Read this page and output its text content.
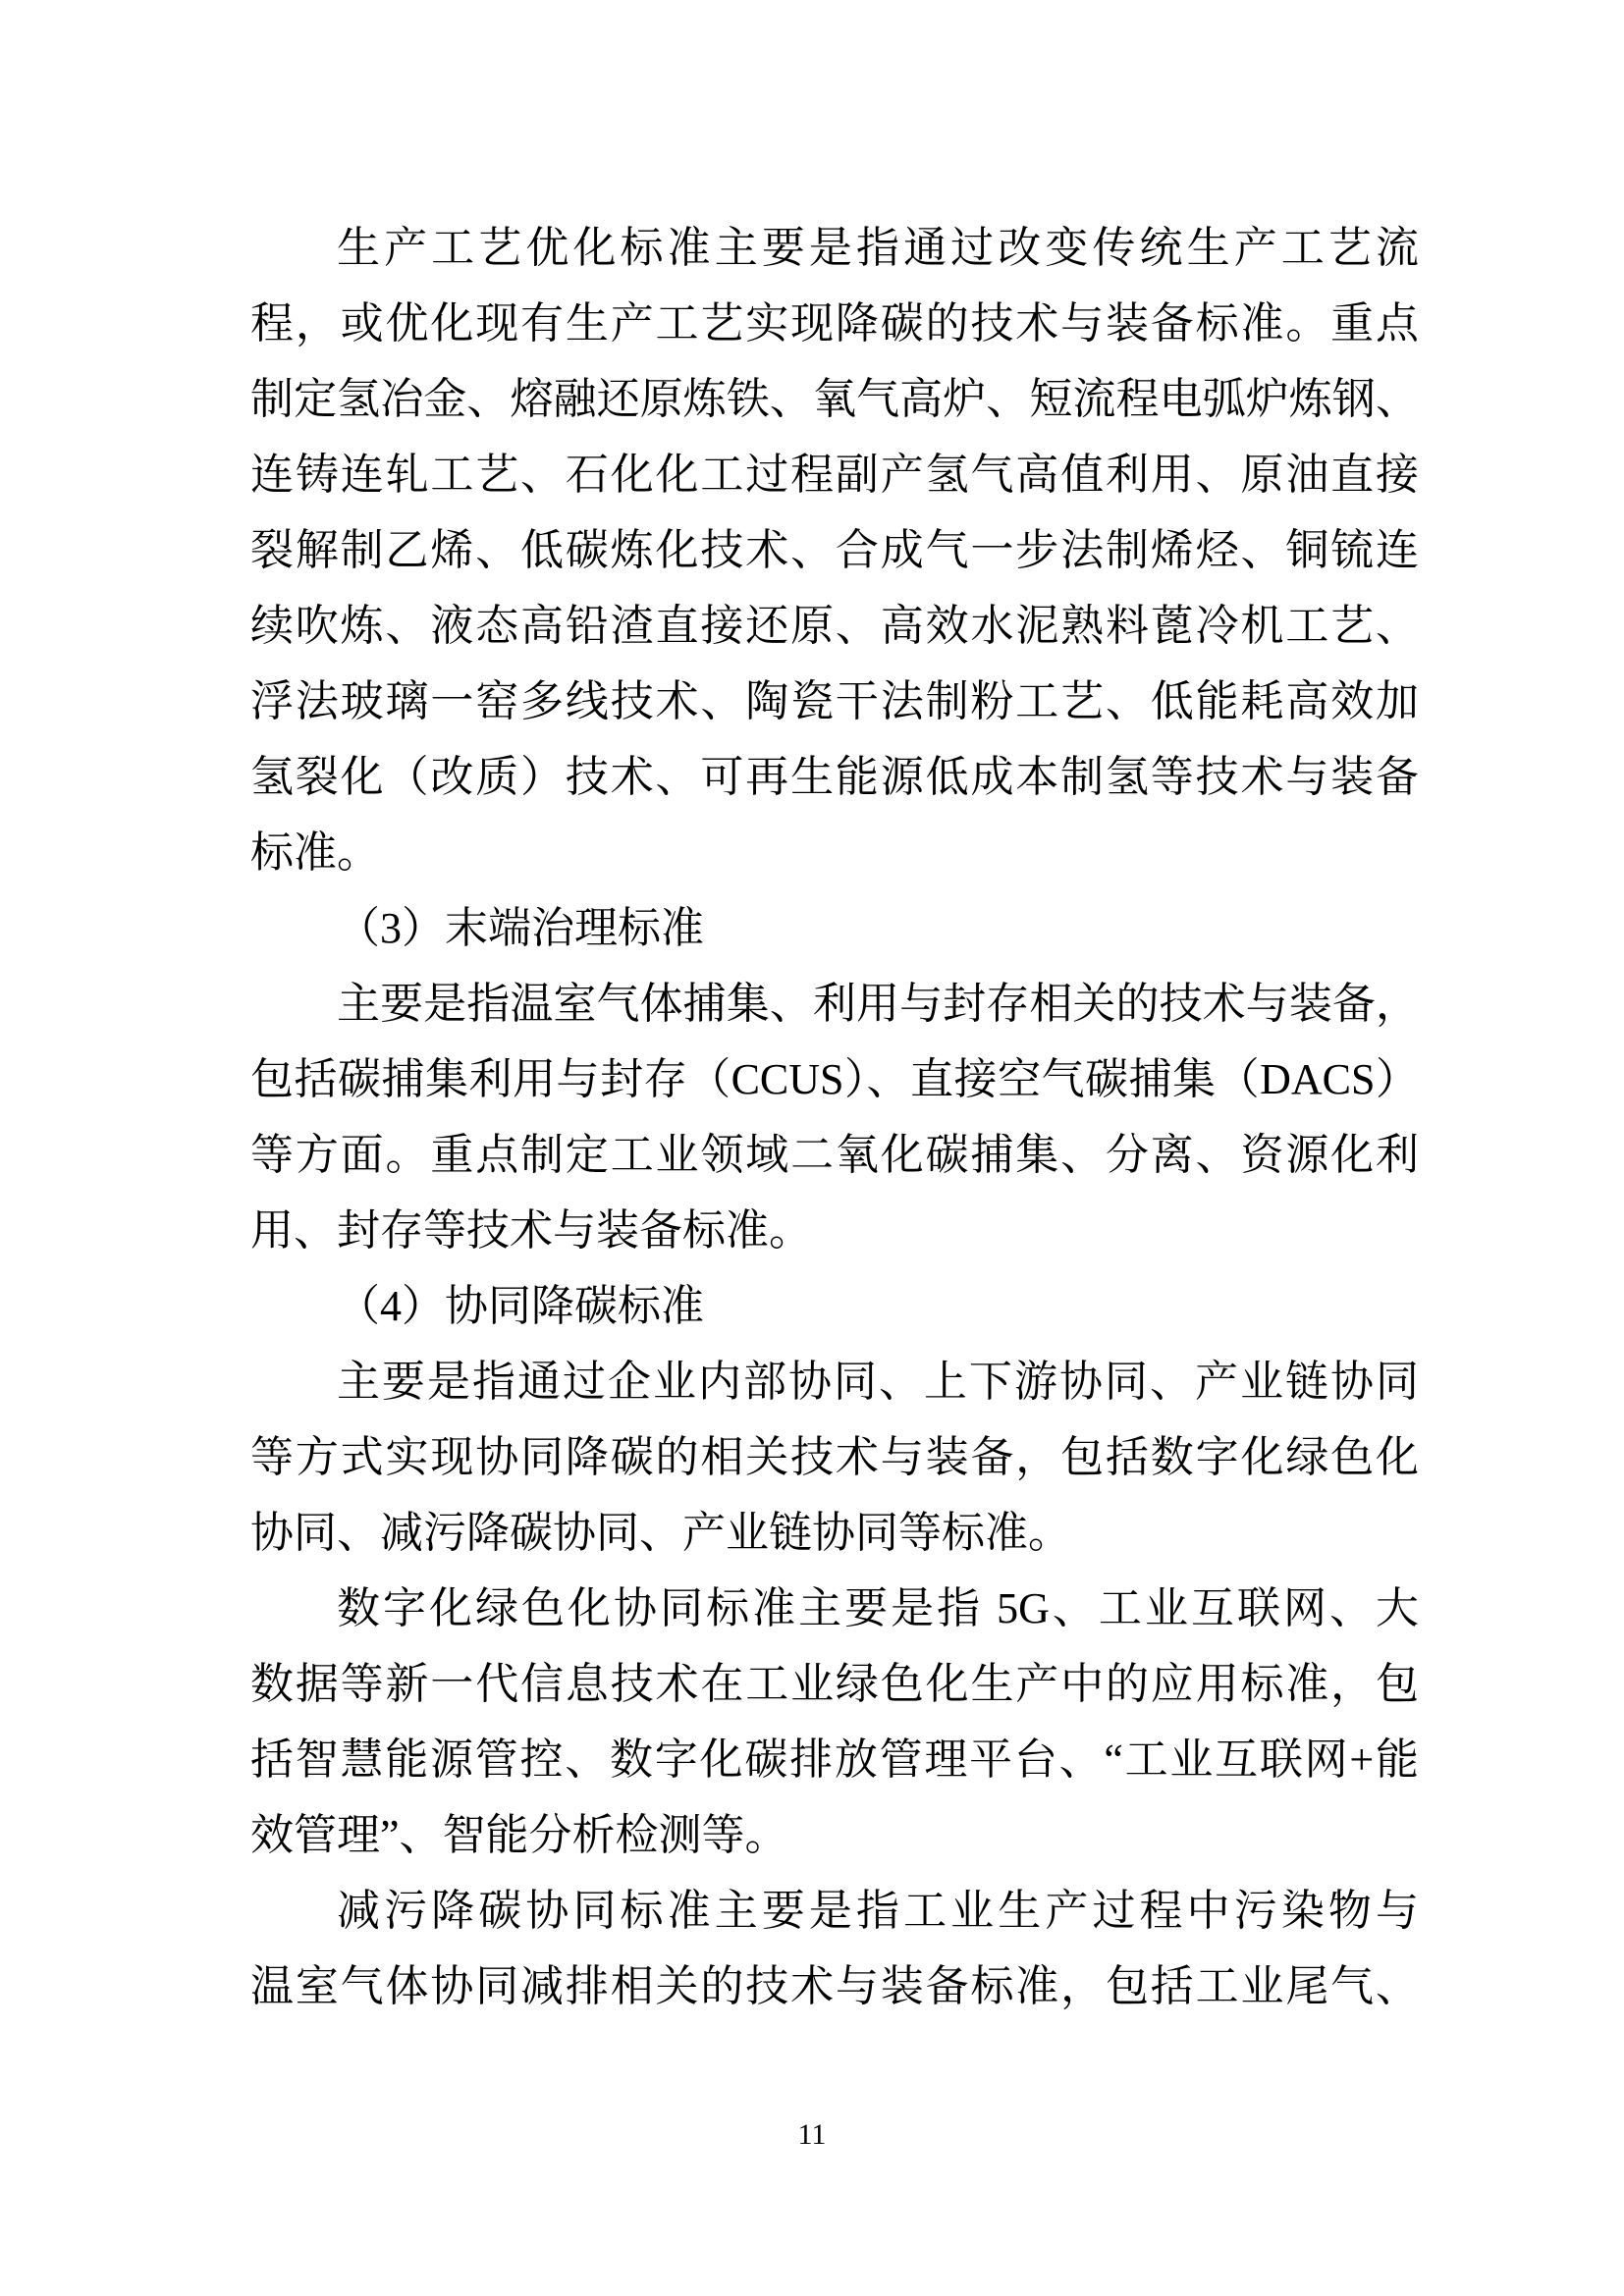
生产工艺优化标准主要是指通过改变传统生产工艺流
程，或优化现有生产工艺实现降碳的技术与装备标准。重点
制定氢冶金、熔融还原炼铁、氧气高炉、短流程电弧炉炼钢、
连铸连轧工艺、石化化工过程副产氢气高值利用、原油直接
裂解制乙烯、低碳炼化技术、合成气一步法制烯烃、铜锍连
续吹炼、液态高铅渣直接还原、高效水泥熟料蓖冷机工艺、
浮法玻璃一窑多线技术、陶瓷干法制粉工艺、低能耗高效加
氢裂化（改质）技术、可再生能源低成本制氢等技术与装备
标准。
（3）末端治理标准
主要是指温室气体捕集、利用与封存相关的技术与装备，
包括碳捕集利用与封存（CCUS）、直接空气碳捕集（DACS）
等方面。重点制定工业领域二氧化碳捕集、分离、资源化利
用、封存等技术与装备标准。
（4）协同降碳标准
主要是指通过企业内部协同、上下游协同、产业链协同
等方式实现协同降碳的相关技术与装备，包括数字化绿色化
协同、减污降碳协同、产业链协同等标准。
数字化绿色化协同标准主要是指 5G、工业互联网、大
数据等新一代信息技术在工业绿色化生产中的应用标准，包
括智慧能源管控、数字化碳排放管理平台、“工业互联网+能
效管理”、智能分析检测等。
减污降碳协同标准主要是指工业生产过程中污染物与
温室气体协同减排相关的技术与装备标准，包括工业尾气、
11
